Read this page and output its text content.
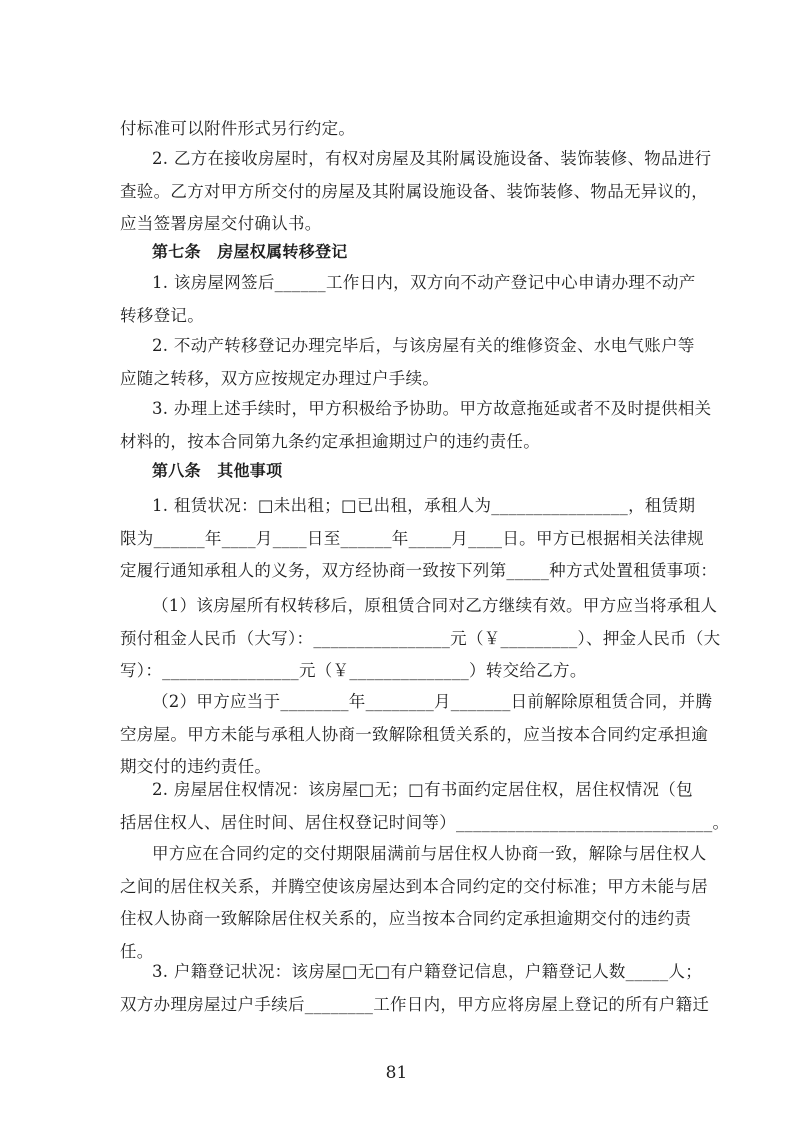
付标准可以附件形式另行约定。
2. 乙方在接收房屋时，有权对房屋及其附属设施设备、装饰装修、物品进行
查验。乙方对甲方所交付的房屋及其附属设施设备、装饰装修、物品无异议的，
应当签署房屋交付确认书。
第七条　房屋权属转移登记
1. 该房屋网签后______工作日内，双方向不动产登记中心申请办理不动产
转移登记。
2. 不动产转移登记办理完毕后，与该房屋有关的维修资金、水电气账户等
应随之转移，双方应按规定办理过户手续。
3. 办理上述手续时，甲方积极给予协助。甲方故意拖延或者不及时提供相关
材料的，按本合同第九条约定承担逾期过户的违约责任。
第八条　其他事项
1. 租赁状况：□未出租；□已出租，承租人为________________，租赁期
限为______年____月____日至______年_____月____日。甲方已根据相关法律规
定履行通知承租人的义务，双方经协商一致按下列第_____种方式处置租赁事项：
（1）该房屋所有权转移后，原租赁合同对乙方继续有效。甲方应当将承租人
预付租金人民币（大写）：________________元（￥_________）、押金人民币（大
写）：________________元（￥______________）转交给乙方。
（2）甲方应当于________年________月_______日前解除原租赁合同，并腾
空房屋。甲方未能与承租人协商一致解除租赁关系的，应当按本合同约定承担逾
期交付的违约责任。
2. 房屋居住权情况：该房屋□无；□有书面约定居住权，居住权情况（包
括居住权人、居住时间、居住权登记时间等）______________________________。
甲方应在合同约定的交付期限届满前与居住权人协商一致，解除与居住权人
之间的居住权关系，并腾空使该房屋达到本合同约定的交付标准；甲方未能与居
住权人协商一致解除居住权关系的，应当按本合同约定承担逾期交付的违约责
任。
3. 户籍登记状况：该房屋□无□有户籍登记信息，户籍登记人数_____人；
双方办理房屋过户手续后________工作日内，甲方应将房屋上登记的所有户籍迁
81
